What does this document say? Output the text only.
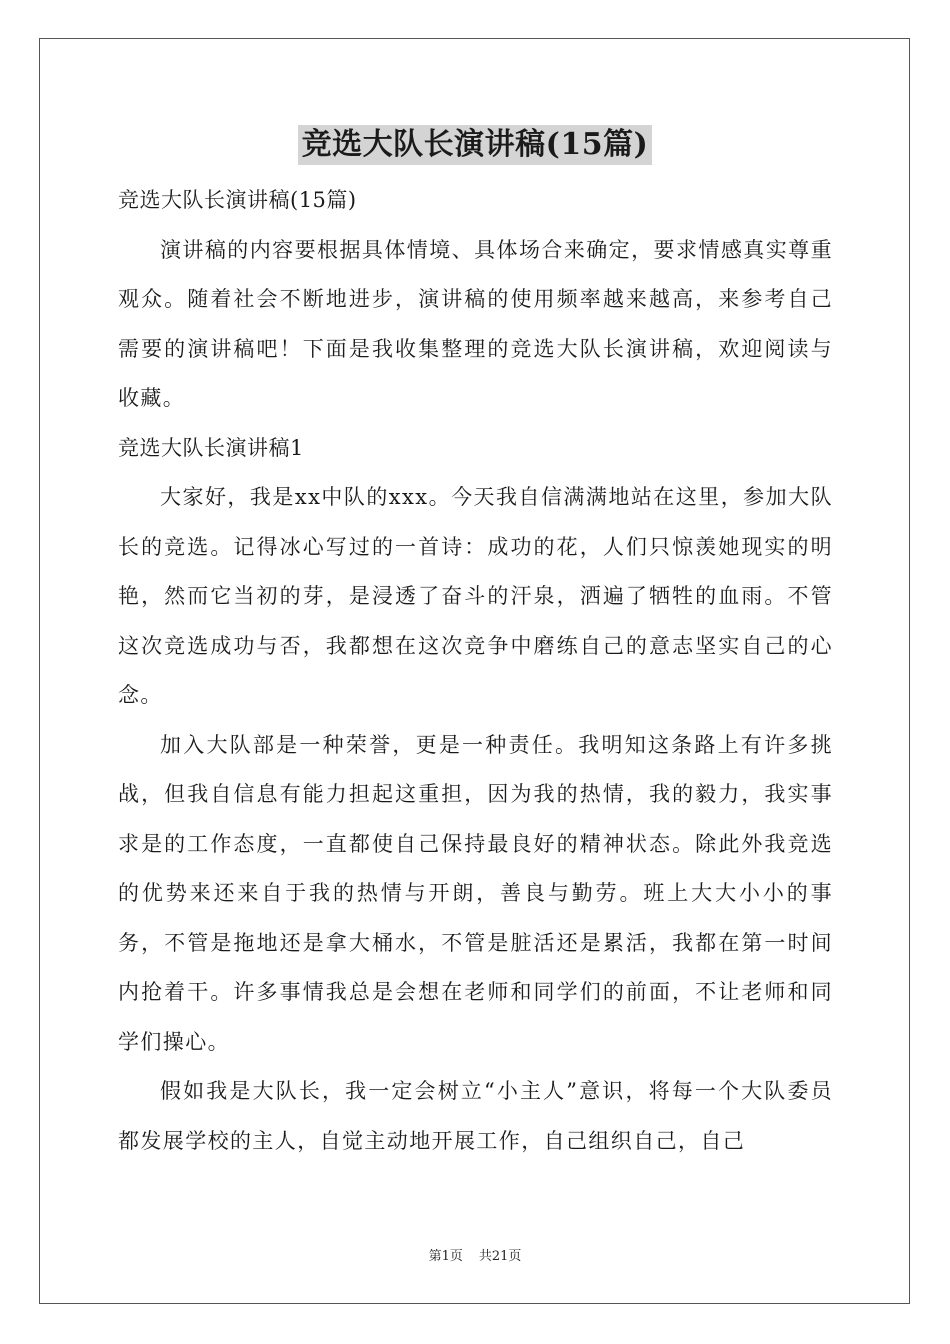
竞选大队长演讲稿(15篇)

竞选大队长演讲稿(15篇)

演讲稿的内容要根据具体情境、具体场合来确定，要求情感真实尊重观众。随着社会不断地进步，演讲稿的使用频率越来越高，来参考自己需要的演讲稿吧！下面是我收集整理的竞选大队长演讲稿，欢迎阅读与收藏。

竞选大队长演讲稿1

大家好，我是xx中队的xxx。今天我自信满满地站在这里，参加大队长的竞选。记得冰心写过的一首诗：成功的花，人们只惊羡她现实的明艳，然而它当初的芽，是浸透了奋斗的汗泉，洒遍了牺牲的血雨。不管这次竞选成功与否，我都想在这次竞争中磨练自己的意志坚实自己的心念。

加入大队部是一种荣誉，更是一种责任。我明知这条路上有许多挑战，但我自信息有能力担起这重担，因为我的热情，我的毅力，我实事求是的工作态度，一直都使自己保持最良好的精神状态。除此外我竞选的优势来还来自于我的热情与开朗，善良与勤劳。班上大大小小的事务，不管是拖地还是拿大桶水，不管是脏活还是累活，我都在第一时间内抢着干。许多事情我总是会想在老师和同学们的前面，不让老师和同学们操心。

假如我是大队长，我一定会树立“小主人”意识，将每一个大队委员都发展学校的主人，自觉主动地开展工作，自己组织自己，自己

第1页 共21页
